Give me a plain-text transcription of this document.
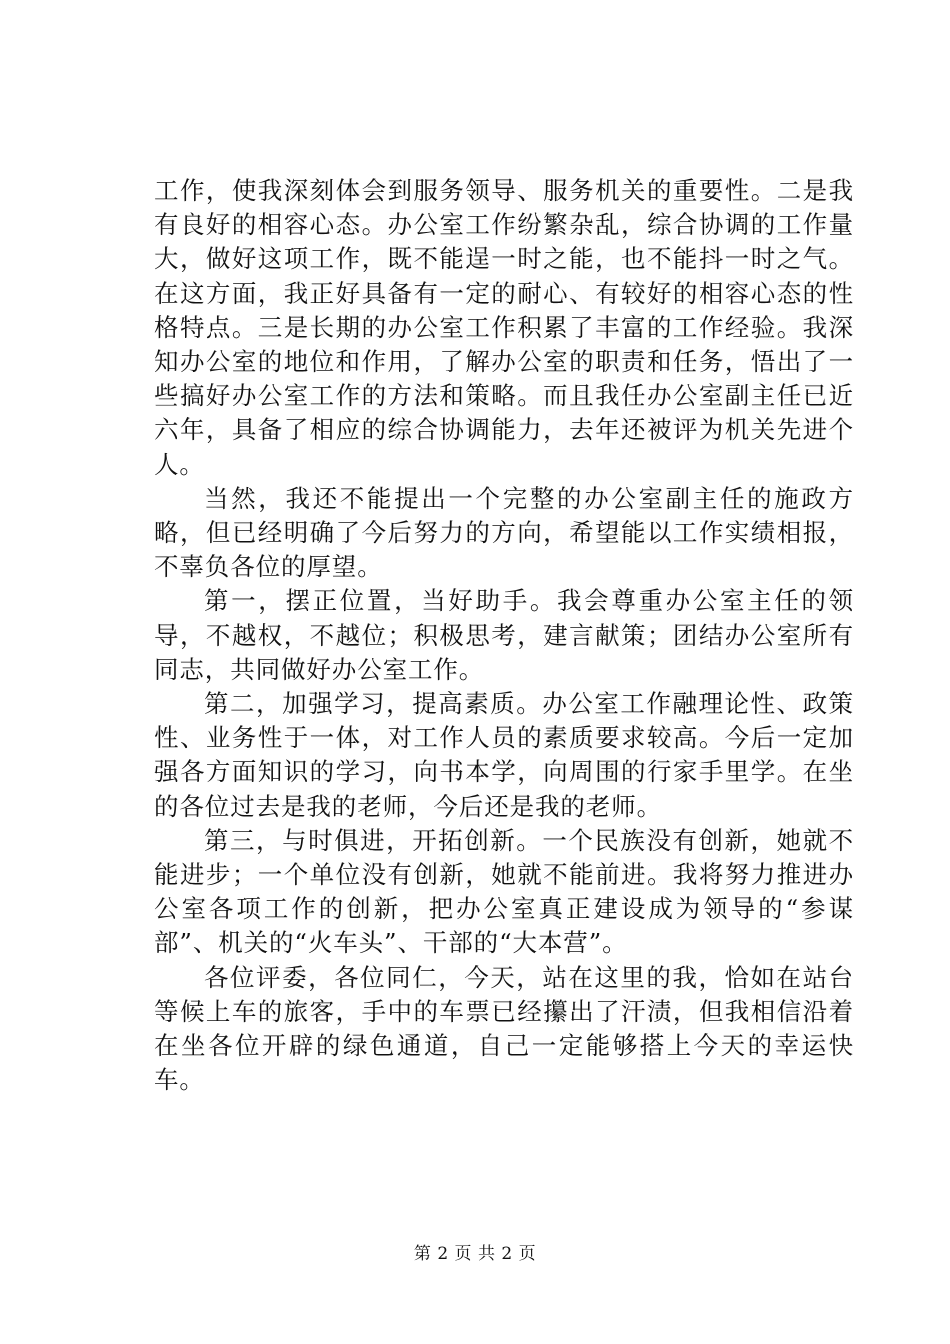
工作，使我深刻体会到服务领导、服务机关的重要性。二是我有良好的相容心态。办公室工作纷繁杂乱，综合协调的工作量大，做好这项工作，既不能逞一时之能，也不能抖一时之气。在这方面，我正好具备有一定的耐心、有较好的相容心态的性格特点。三是长期的办公室工作积累了丰富的工作经验。我深知办公室的地位和作用，了解办公室的职责和任务，悟出了一些搞好办公室工作的方法和策略。而且我任办公室副主任已近六年，具备了相应的综合协调能力，去年还被评为机关先进个人。

当然，我还不能提出一个完整的办公室副主任的施政方略，但已经明确了今后努力的方向，希望能以工作实绩相报，不辜负各位的厚望。

第一，摆正位置，当好助手。我会尊重办公室主任的领导，不越权，不越位；积极思考，建言献策；团结办公室所有同志，共同做好办公室工作。

第二，加强学习，提高素质。办公室工作融理论性、政策性、业务性于一体，对工作人员的素质要求较高。今后一定加强各方面知识的学习，向书本学，向周围的行家手里学。在坐的各位过去是我的老师，今后还是我的老师。

第三，与时俱进，开拓创新。一个民族没有创新，她就不能进步；一个单位没有创新，她就不能前进。我将努力推进办公室各项工作的创新，把办公室真正建设成为领导的“参谋部”、机关的“火车头”、干部的“大本营”。

各位评委，各位同仁，今天，站在这里的我，恰如在站台等候上车的旅客，手中的车票已经攥出了汗渍，但我相信沿着在坐各位开辟的绿色通道，自己一定能够搭上今天的幸运快车。

第 2 页 共 2 页
